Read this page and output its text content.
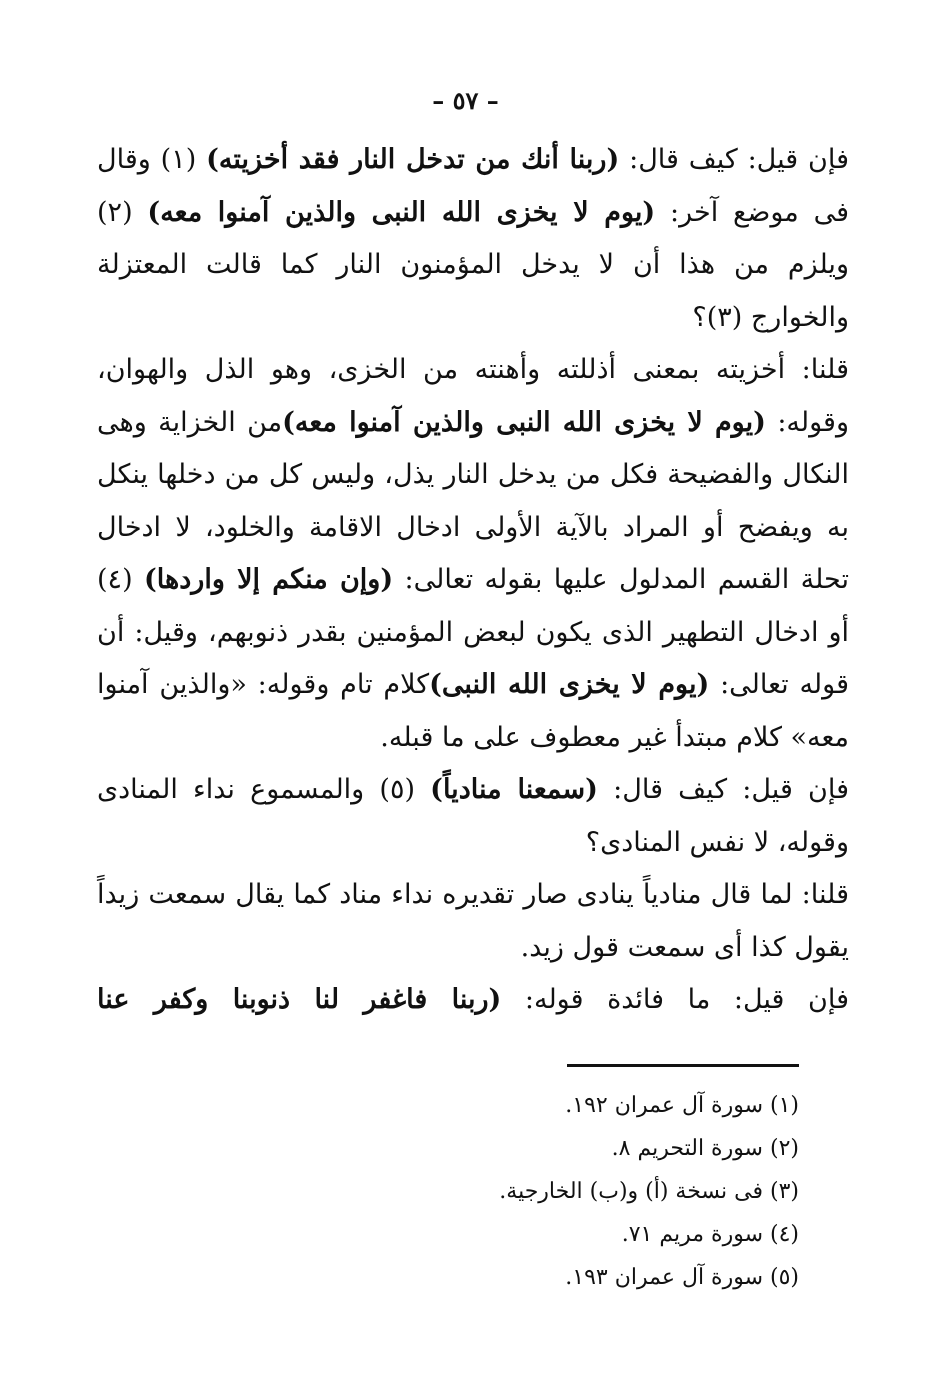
– ٥٧ –

فإن قيل: كيف قال: (ربنا أنك من تدخل النار فقد أخزيته) (١) وقال فى موضع آخر: (يوم لا يخزى الله النبى والذين آمنوا معه) (٢) ويلزم من هذا أن لا يدخل المؤمنون النار كما قالت المعتزلة والخوارج (٣)؟

قلنا: أخزيته بمعنى أذللته وأهنته من الخزى، وهو الذل والهوان، وقوله: (يوم لا يخزى الله النبى والذين آمنوا معه)من الخزاية وهى النكال والفضيحة فكل من يدخل النار يذل، وليس كل من دخلها ينكل به ويفضح أو المراد بالآية الأولى ادخال الاقامة والخلود، لا ادخال تحلة القسم المدلول عليها بقوله تعالى: (وإن منكم إلا واردها) (٤) أو ادخال التطهير الذى يكون لبعض المؤمنين بقدر ذنوبهم، وقيل: أن قوله تعالى: (يوم لا يخزى الله النبى)كلام تام وقوله: «والذين آمنوا معه» كلام مبتدأ غير معطوف على ما قبله.

فإن قيل: كيف قال: (سمعنا منادياً) (٥) والمسموع نداء المنادى وقوله، لا نفس المنادى؟

قلنا: لما قال منادياً ينادى صار تقديره نداء مناد كما يقال سمعت زيداً يقول كذا أى سمعت قول زيد.

فإن قيل: ما فائدة قوله: (ربنا فاغفر لنا ذنوبنا وكفر عنا

(١) سورة آل عمران ١٩٢.

(٢) سورة التحريم ٨.

(٣) فى نسخة (أ) و(ب) الخارجية.

(٤) سورة مريم ٧١.

(٥) سورة آل عمران ١٩٣.
